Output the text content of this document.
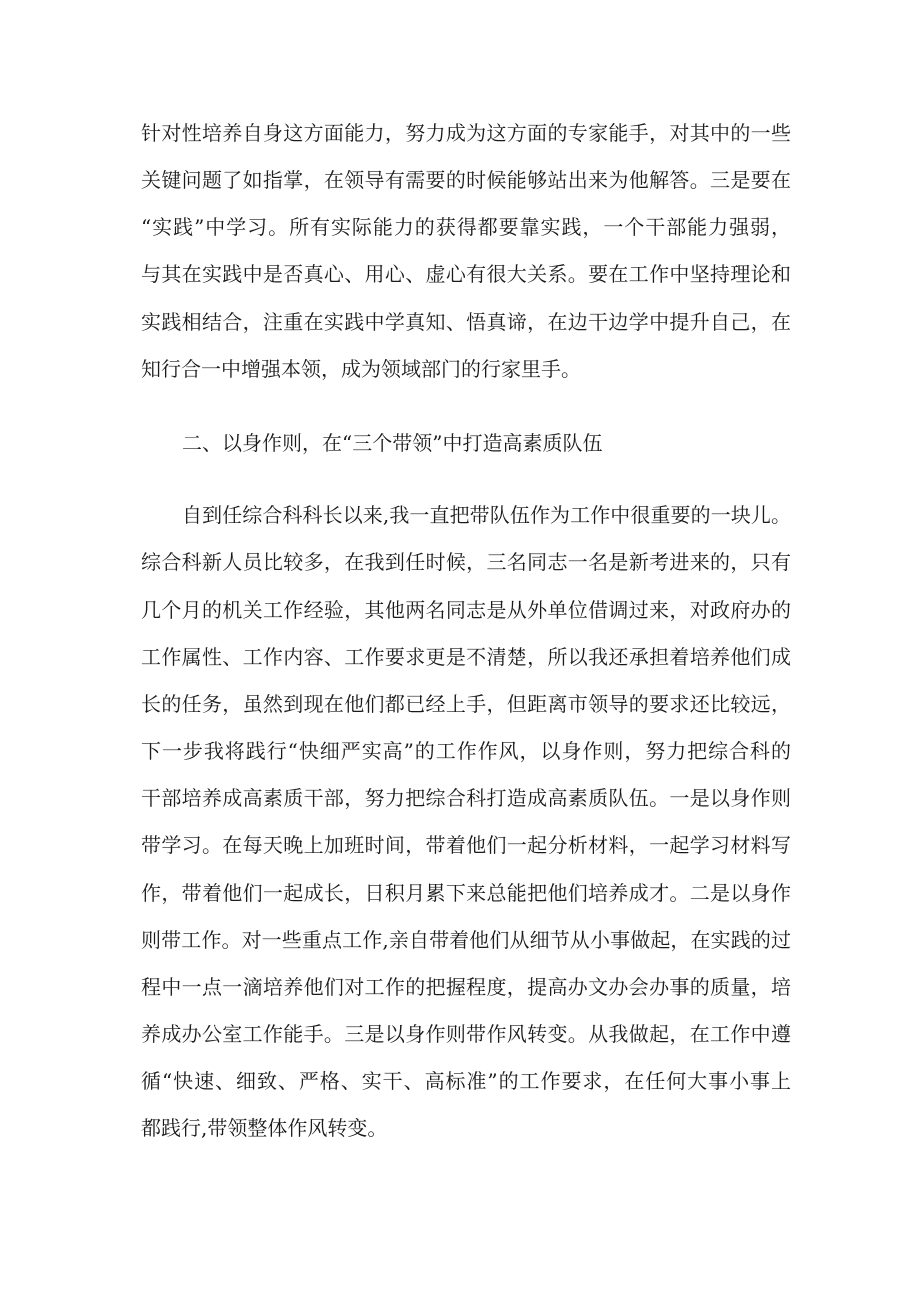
针对性培养自身这方面能力，努力成为这方面的专家能手，对其中的一些
关键问题了如指掌，在领导有需要的时候能够站出来为他解答。三是要在
“实践”中学习。所有实际能力的获得都要靠实践，一个干部能力强弱，
与其在实践中是否真心、用心、虚心有很大关系。要在工作中坚持理论和
实践相结合，注重在实践中学真知、悟真谛，在边干边学中提升自己，在
知行合一中增强本领，成为领域部门的行家里手。
二、以身作则，在“三个带领”中打造高素质队伍
自到任综合科科长以来,我一直把带队伍作为工作中很重要的一块儿。
综合科新人员比较多，在我到任时候，三名同志一名是新考进来的，只有
几个月的机关工作经验，其他两名同志是从外单位借调过来，对政府办的
工作属性、工作内容、工作要求更是不清楚，所以我还承担着培养他们成
长的任务，虽然到现在他们都已经上手，但距离市领导的要求还比较远，
下一步我将践行“快细严实高”的工作作风，以身作则，努力把综合科的
干部培养成高素质干部，努力把综合科打造成高素质队伍。一是以身作则
带学习。在每天晚上加班时间，带着他们一起分析材料，一起学习材料写
作，带着他们一起成长，日积月累下来总能把他们培养成才。二是以身作
则带工作。对一些重点工作,亲自带着他们从细节从小事做起，在实践的过
程中一点一滴培养他们对工作的把握程度，提高办文办会办事的质量，培
养成办公室工作能手。三是以身作则带作风转变。从我做起，在工作中遵
循“快速、细致、严格、实干、高标准”的工作要求，在任何大事小事上
都践行,带领整体作风转变。
